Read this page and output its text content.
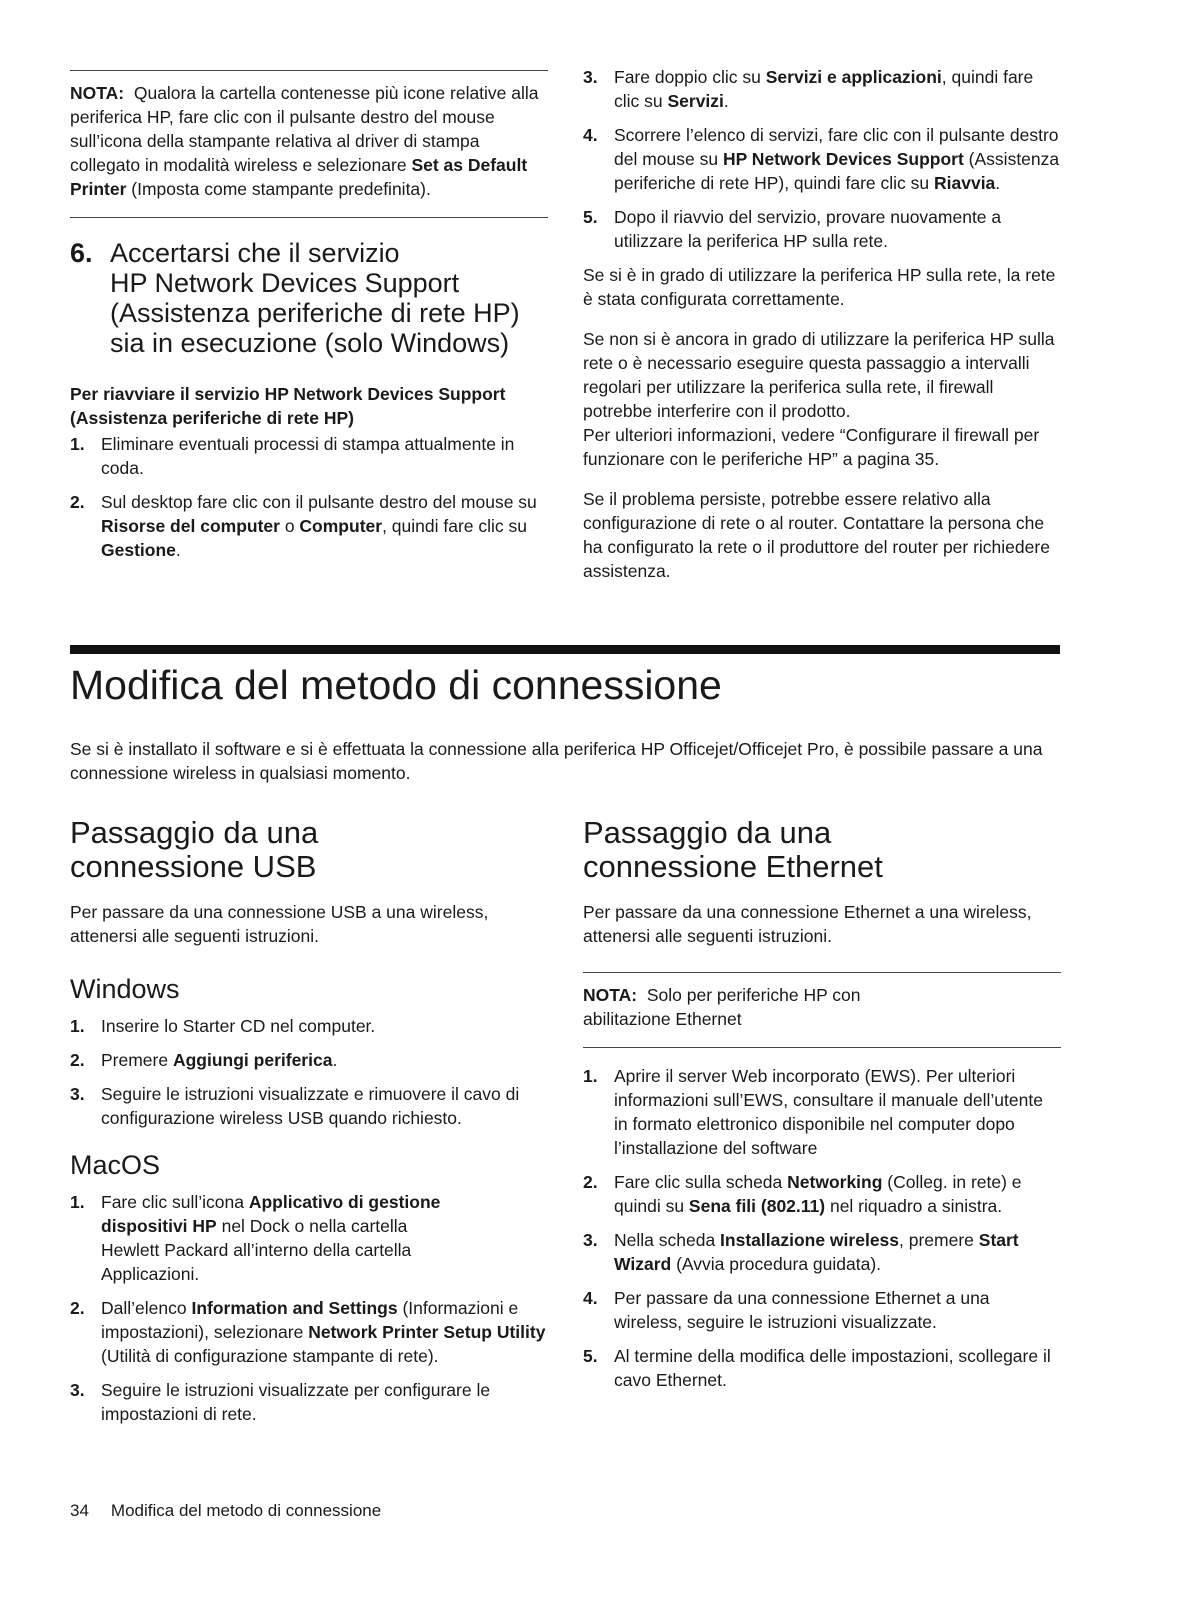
NOTA: Qualora la cartella contenesse più icone relative alla periferica HP, fare clic con il pulsante destro del mouse sull’icona della stampante relativa al driver di stampa collegato in modalità wireless e selezionare Set as Default Printer (Imposta come stampante predefinita).

6. Accertarsi che il servizio
HP Network Devices Support
(Assistenza periferiche di rete HP)
sia in esecuzione (solo Windows)

Per riavviare il servizio HP Network Devices Support (Assistenza periferiche di rete HP)

1. Eliminare eventuali processi di stampa attualmente in coda.
2. Sul desktop fare clic con il pulsante destro del mouse su Risorse del computer o Computer, quindi fare clic su Gestione.
3. Fare doppio clic su Servizi e applicazioni, quindi fare clic su Servizi.
4. Scorrere l’elenco di servizi, fare clic con il pulsante destro del mouse su HP Network Devices Support (Assistenza periferiche di rete HP), quindi fare clic su Riavvia.
5. Dopo il riavvio del servizio, provare nuovamente a utilizzare la periferica HP sulla rete.

Se si è in grado di utilizzare la periferica HP sulla rete, la rete è stata configurata correttamente.

Se non si è ancora in grado di utilizzare la periferica HP sulla rete o è necessario eseguire questa passaggio a intervalli regolari per utilizzare la periferica sulla rete, il firewall potrebbe interferire con il prodotto.
Per ulteriori informazioni, vedere “Configurare il firewall per funzionare con le periferiche HP” a pagina 35.

Se il problema persiste, potrebbe essere relativo alla configurazione di rete o al router. Contattare la persona che ha configurato la rete o il produttore del router per richiedere assistenza.

Modifica del metodo di connessione

Se si è installato il software e si è effettuata la connessione alla periferica HP Officejet/Officejet Pro, è possibile passare a una connessione wireless in qualsiasi momento.

Passaggio da una
connessione USB

Per passare da una connessione USB a una wireless, attenersi alle seguenti istruzioni.

Windows
1. Inserire lo Starter CD nel computer.
2. Premere Aggiungi periferica.
3. Seguire le istruzioni visualizzate e rimuovere il cavo di configurazione wireless USB quando richiesto.
MacOS
1. Fare clic sull’icona Applicativo di gestione dispositivi HP nel Dock o nella cartella Hewlett Packard all’interno della cartella Applicazioni.
2. Dall’elenco Information and Settings (Informazioni e impostazioni), selezionare Network Printer Setup Utility (Utilità di configurazione stampante di rete).
3. Seguire le istruzioni visualizzate per configurare le impostazioni di rete.
Passaggio da una
connessione Ethernet

Per passare da una connessione Ethernet a una wireless, attenersi alle seguenti istruzioni.

NOTA: Solo per periferiche HP con abilitazione Ethernet

1. Aprire il server Web incorporato (EWS). Per ulteriori informazioni sull’EWS, consultare il manuale dell’utente in formato elettronico disponibile nel computer dopo l’installazione del software
2. Fare clic sulla scheda Networking (Colleg. in rete) e quindi su Sena fili (802.11) nel riquadro a sinistra.
3. Nella scheda Installazione wireless, premere Start Wizard (Avvia procedura guidata).
4. Per passare da una connessione Ethernet a una wireless, seguire le istruzioni visualizzate.
5. Al termine della modifica delle impostazioni, scollegare il cavo Ethernet.
34 Modifica del metodo di connessione
